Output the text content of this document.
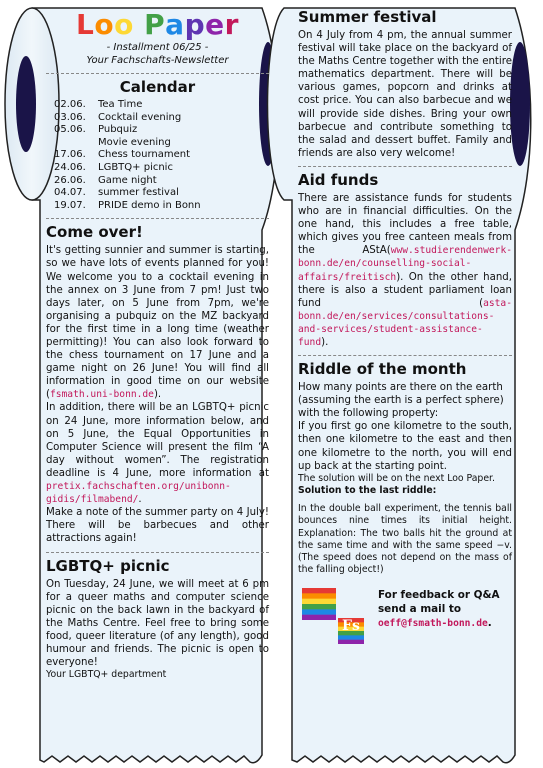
Loo Paper
- Installment 06/25 -
Your Fachschafts-Newsletter
Calendar
02.06.	Tea Time
03.06.	Cocktail evening
05.06.	Pubquiz
	Movie evening
17.06.	Chess tournament
24.06.	LGBTQ+ picnic
26.06.	Game night
04.07.	summer festival
19.07.	PRIDE demo in Bonn
Come over!

It's getting sunnier and summer is starting, so we have lots of events planned for you! We welcome you to a cocktail evening in the annex on 3 June from 7 pm! Just two days later, on 5 June from 7pm, we're organising a pubquiz on the MZ backyard for the first time in a long time (weather permitting)! You can also look forward to the chess tournament on 17 June and a game night on 26 June! You will find all information in good time on our website (fsmath.uni-bonn.de).

In addition, there will be an LGBTQ+ picnic on 24 June, more information below, and on 5 June, the Equal Opportunities in Computer Science will present the film “A day without women”. The registration deadline is 4 June, more information at pretix.fachschaften.org/unibonn-gidis/filmabend/.

Make a note of the summer party on 4 July! There will be barbecues and other attractions again!

LGBTQ+ picnic

On Tuesday, 24 June, we will meet at 6 pm for a queer maths and computer science picnic on the back lawn in the backyard of the Maths Centre. Feel free to bring some food, queer literature (of any length), good humour and friends. The picnic is open to everyone!

Your LGBTQ+ department

Summer festival

On 4 July from 4 pm, the annual summer festival will take place on the backyard of the Maths Centre together with the entire mathematics department. There will be various games, popcorn and drinks at cost price. You can also barbecue and we will provide side dishes. Bring your own barbecue and contribute something to the salad and dessert buffet. Family and friends are also very welcome!

Aid funds

There are assistance funds for students who are in financial difficulties. On the one hand, this includes a free table, which gives you free canteen meals from the AStA(www.studierendenwerk-bonn.de/en/counselling-social-affairs/freitisch). On the other hand, there is also a student parliament loan fund (asta-bonn.de/en/services/consultations-and-services/student-assistance-fund).

Riddle of the month

How many points are there on the earth (assuming the earth is a perfect sphere) with the following property:

If you first go one kilometre to the south, then one kilometre to the east and then one kilometre to the north, you will end up back at the starting point.

The solution will be on the next Loo Paper.

Solution to the last riddle:

In the double ball experiment, the tennis ball bounces nine times its initial height. Explanation: The two balls hit the ground at the same time and with the same speed −v. (The speed does not depend on the mass of the falling object!)

Fs
For feedback or Q&A send a mail to oeff@fsmath-bonn.de.
